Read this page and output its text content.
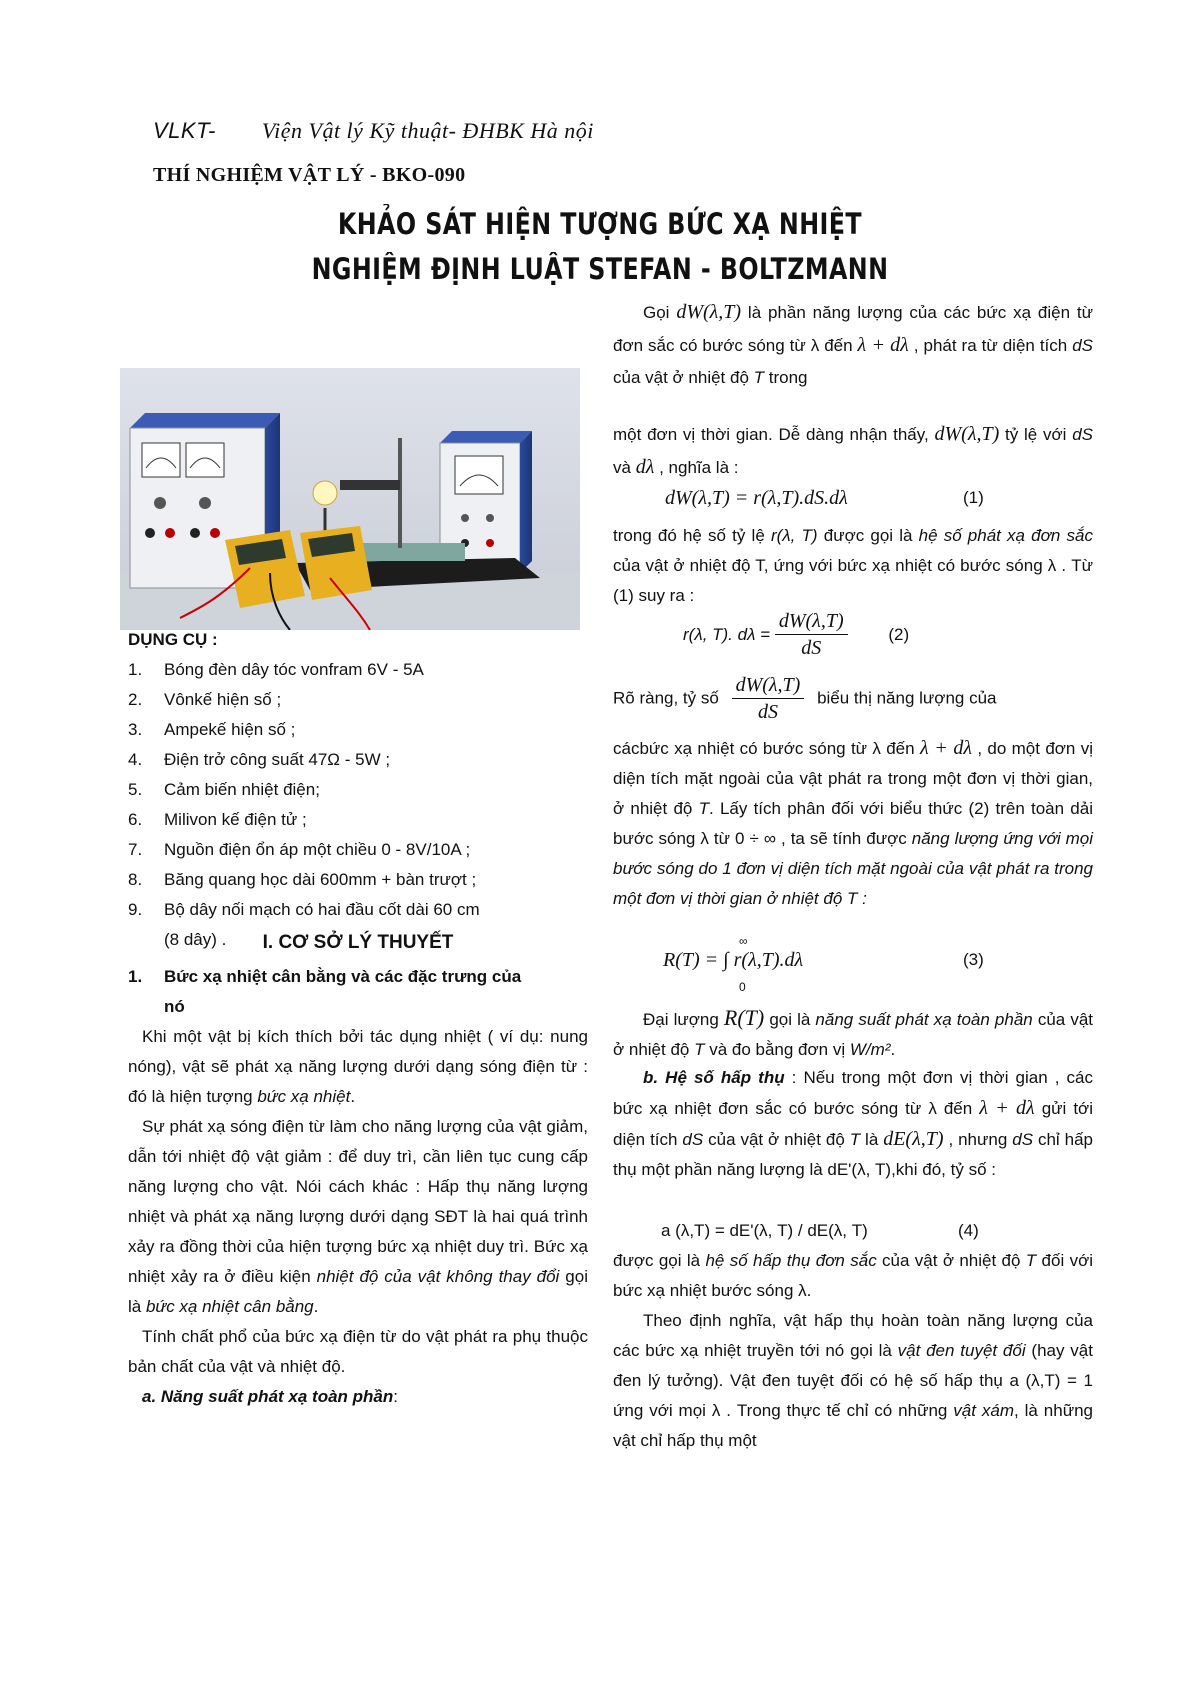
VLKT- Viện Vật lý Kỹ thuật- ĐHBK Hà nội
THÍ NGHIỆM VẬT LÝ - BKO-090
KHẢO SÁT HIỆN TƯỢNG BỨC XẠ NHIỆT
NGHIỆM ĐỊNH LUẬT STEFAN - BOLTZMANN
DỤNG CỤ :
1. Bóng đèn dây tóc vonfram 6V - 5A
2. Vônkế hiện số ;
3. Ampekế hiện số ;
4. Điện trở công suất 47Ω - 5W ;
5. Cảm biến nhiệt điện;
6. Milivon kế điện tử ;
7. Nguồn điện ổn áp một chiều 0 - 8V/10A ;
8. Băng quang học dài 600mm + bàn trượt ;
9. Bộ dây nối mạch có hai đầu cốt dài 60 cm
(8 dây) .	I. CƠ SỞ LÝ THUYẾT
1. Bức xạ nhiệt cân bằng và các đặc trưng của
nó
Khi một vật bị kích thích bởi tác dụng nhiệt ( ví dụ: nung nóng), vật sẽ phát xạ năng lượng dưới dạng sóng điện từ : đó là hiện tượng bức xạ nhiệt.
Sự phát xạ sóng điện từ làm cho năng lượng của vật giảm, dẫn tới nhiệt độ vật giảm : để duy trì, cần liên tục cung cấp năng lượng cho vật. Nói cách khác : Hấp thụ năng lượng nhiệt và phát xạ năng lượng dưới dạng SĐT là hai quá trình xảy ra đồng thời của hiện tượng bức xạ nhiệt duy trì. Bức xạ nhiệt xảy ra ở điều kiện nhiệt độ của vật không thay đổi gọi là bức xạ nhiệt cân bằng.
Tính chất phổ của bức xạ điện từ do vật phát ra phụ thuộc bản chất của vật và nhiệt độ.
a. Năng suất phát xạ toàn phần:
Gọi dW(λ,T) là phần năng lượng của các bức xạ điện từ đơn sắc có bước sóng từ λ đến λ + dλ , phát ra từ diện tích dS của vật ở nhiệt độ T trong
một đơn vị thời gian. Dễ dàng nhận thấy, dW(λ,T) tỷ lệ với dS và dλ , nghĩa là :
dW(λ,T) = r(λ,T).dS.dλ	(1)
trong đó hệ số tỷ lệ r(λ, T) được gọi là hệ số phát xạ đơn sắc của vật ở nhiệt độ T, ứng với bức xạ nhiệt có bước sóng λ . Từ (1) suy ra :
r(λ, T). $d\lambda = \frac{dW(\lambda,T)}{dS} (2)$
Rõ ràng, tỷ số $\frac{dW(\lambda,T)}{dS}$ biểu thị năng lượng của
cácbức xạ nhiệt có bước sóng từ λ đến λ + dλ , do một đơn vị diện tích mặt ngoài của vật phát ra trong một đơn vị thời gian, ở nhiệt độ T. Lấy tích phân đối với biểu thức (2) trên toàn dải bước sóng λ từ 0 ÷ ∞ , ta sẽ tính được năng lượng ứng với mọi bước sóng do 1 đơn vị diện tích mặt ngoài của vật phát ra trong một đơn vị thời gian ở nhiệt độ T :
R(T) = ∫ r(λ,T).dλ
∞
0
(3)
Đại lượng R(T) gọi là năng suất phát xạ toàn phần của vật ở nhiệt độ T và đo bằng đơn vị W/m².
b. Hệ số hấp thụ : Nếu trong một đơn vị thời gian , các bức xạ nhiệt đơn sắc có bước sóng từ λ đến λ + dλ gửi tới diện tích dS của vật ở nhiệt độ T là dE(λ,T) , nhưng dS chỉ hấp thụ một phần năng lượng là dE'(λ, T),khi đó, tỷ số :
a (λ,T) = dE'(λ, T) / dE(λ, T)	(4)
được gọi là hệ số hấp thụ đơn sắc của vật ở nhiệt độ T đối với bức xạ nhiệt bước sóng λ.
Theo định nghĩa, vật hấp thụ hoàn toàn năng lượng của các bức xạ nhiệt truyền tới nó gọi là vật đen tuyệt đối (hay vật đen lý tưởng). Vật đen tuyệt đối có hệ số hấp thụ a (λ,T) = 1 ứng với mọi λ . Trong thực tế chỉ có những vật xám, là những vật chỉ hấp thụ một
